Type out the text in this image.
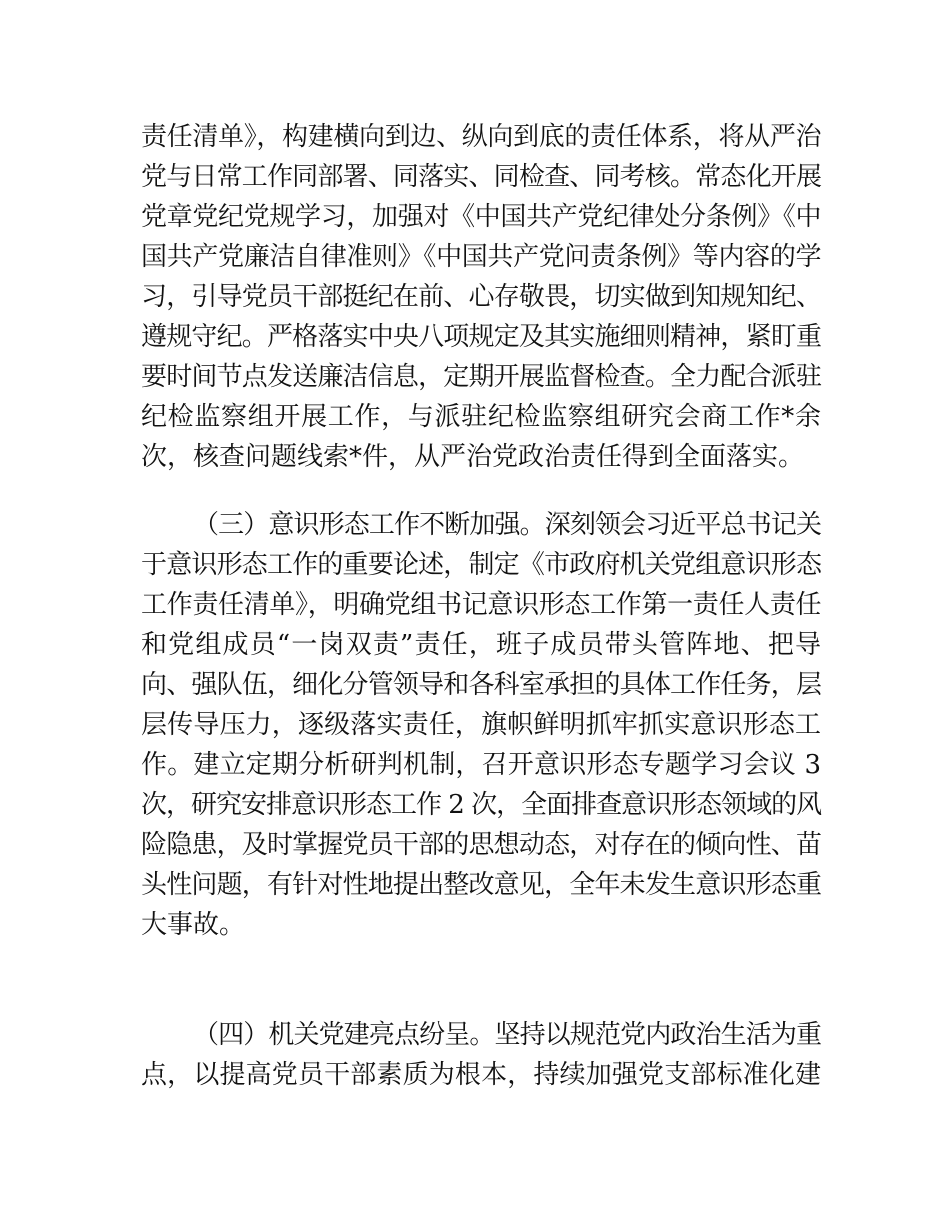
责任清单》，构建横向到边、纵向到底的责任体系，将从严治
党与日常工作同部署、同落实、同检查、同考核。常态化开展
党章党纪党规学习，加强对《中国共产党纪律处分条例》《中
国共产党廉洁自律准则》《中国共产党问责条例》等内容的学
习，引导党员干部挺纪在前、心存敬畏，切实做到知规知纪、
遵规守纪。严格落实中央八项规定及其实施细则精神，紧盯重
要时间节点发送廉洁信息，定期开展监督检查。全力配合派驻
纪检监察组开展工作，与派驻纪检监察组研究会商工作*余
次，核查问题线索*件，从严治党政治责任得到全面落实。
（三）意识形态工作不断加强。深刻领会习近平总书记关
于意识形态工作的重要论述，制定《市政府机关党组意识形态
工作责任清单》，明确党组书记意识形态工作第一责任人责任
和党组成员“一岗双责”责任，班子成员带头管阵地、把导
向、强队伍，细化分管领导和各科室承担的具体工作任务，层
层传导压力，逐级落实责任，旗帜鲜明抓牢抓实意识形态工
作。建立定期分析研判机制，召开意识形态专题学习会议 3
次，研究安排意识形态工作 2 次，全面排查意识形态领域的风
险隐患，及时掌握党员干部的思想动态，对存在的倾向性、苗
头性问题，有针对性地提出整改意见，全年未发生意识形态重
大事故。
（四）机关党建亮点纷呈。坚持以规范党内政治生活为重
点，以提高党员干部素质为根本，持续加强党支部标准化建
